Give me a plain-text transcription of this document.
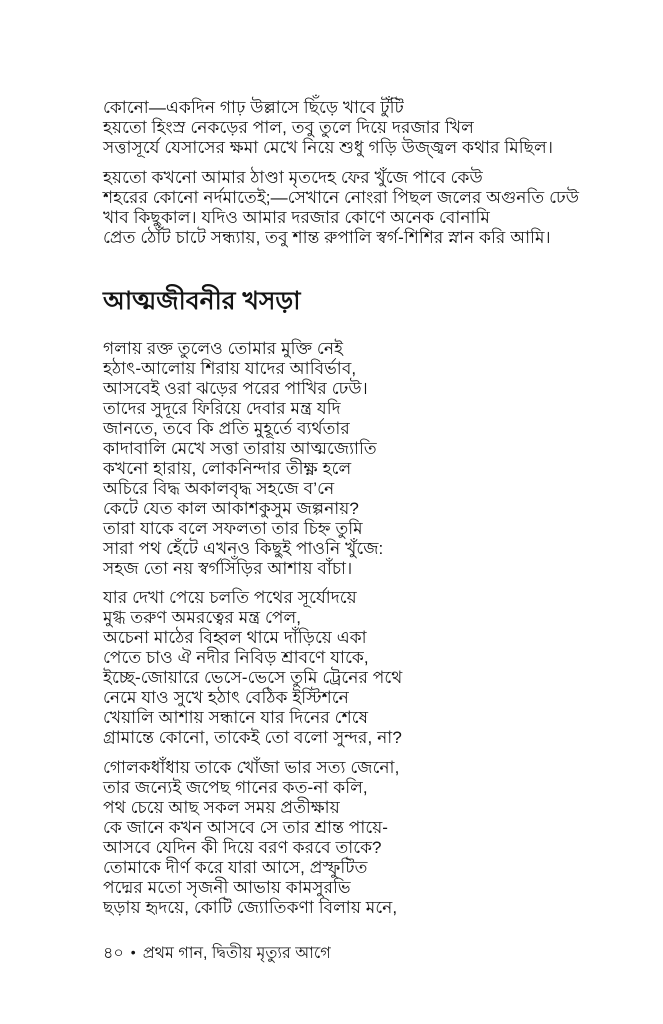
কোনো—একদিন গাঢ় উল্লাসে ছিঁড়ে খাবে টুঁটি
হয়তো হিংস্র নেকড়ের পাল, তবু তুলে দিয়ে দরজার খিল
সত্তাসূর্যে যেসাসের ক্ষমা মেখে নিয়ে শুধু গড়ি উজ্জ্বল কথার মিছিল।
হয়তো কখনো আমার ঠাণ্ডা মৃতদেহ ফের খুঁজে পাবে কেউ
শহরের কোনো নর্দমাতেই;—সেখানে নোংরা পিছল জলের অগুনতি ঢেউ
খাব কিছুকাল। যদিও আমার দরজার কোণে অনেক বোনামি
প্রেত ঠোঁট চাটে সন্ধ্যায়, তবু শান্ত রুপালি স্বর্গ-শিশির স্নান করি আমি।
আত্মজীবনীর খসড়া
গলায় রক্ত তুলেও তোমার মুক্তি নেই
হঠাৎ-আলোয় শিরায় যাদের আবির্ভাব,
আসবেই ওরা ঝড়ের পরের পাখির ঢেউ।
তাদের সুদূরে ফিরিয়ে দেবার মন্ত্র যদি
জানতে, তবে কি প্রতি মুহূর্তে ব্যর্থতার
কাদাবালি মেখে সত্তা তারায় আত্মজ্যোতি
কখনো হারায়, লোকনিন্দার তীক্ষ্ণ হলে
অচিরে বিদ্ধ অকালবৃদ্ধ সহজে ব’নে
কেটে যেত কাল আকাশকুসুম জল্পনায়?
তারা যাকে বলে সফলতা তার চিহ্ন তুমি
সারা পথ হেঁটে এখনও কিছুই পাওনি খুঁজে:
সহজ তো নয় স্বর্গসিঁড়ির আশায় বাঁচা।
যার দেখা পেয়ে চলতি পথের সূর্যোদয়ে
মুগ্ধ তরুণ অমরত্বের মন্ত্র পেল,
অচেনা মাঠের বিহ্বল থামে দাঁড়িয়ে একা
পেতে চাও ঐ নদীর নিবিড় শ্রাবণে যাকে,
ইচ্ছে-জোয়ারে ভেসে-ভেসে তুমি ট্রেনের পথে
নেমে যাও সুখে হঠাৎ বেঠিক ইস্টিশনে
খেয়ালি আশায় সন্ধানে যার দিনের শেষে
গ্রামান্তে কোনো, তাকেই তো বলো সুন্দর, না?
গোলকধাঁধায় তাকে খোঁজা ভার সত্য জেনো,
তার জন্যেই জপেছ গানের কত-না কলি,
পথ চেয়ে আছ সকল সময় প্রতীক্ষায়
কে জানে কখন আসবে সে তার শ্রান্ত পায়ে-
আসবে যেদিন কী দিয়ে বরণ করবে তাকে?
তোমাকে দীর্ণ করে যারা আসে, প্রস্ফুটিত
পদ্মের মতো সৃজনী আভায় কামসুরভি
ছড়ায় হৃদয়ে, কোটি জ্যোতিকণা বিলায় মনে,
৪০ • প্রথম গান, দ্বিতীয় মৃত্যুর আগে
